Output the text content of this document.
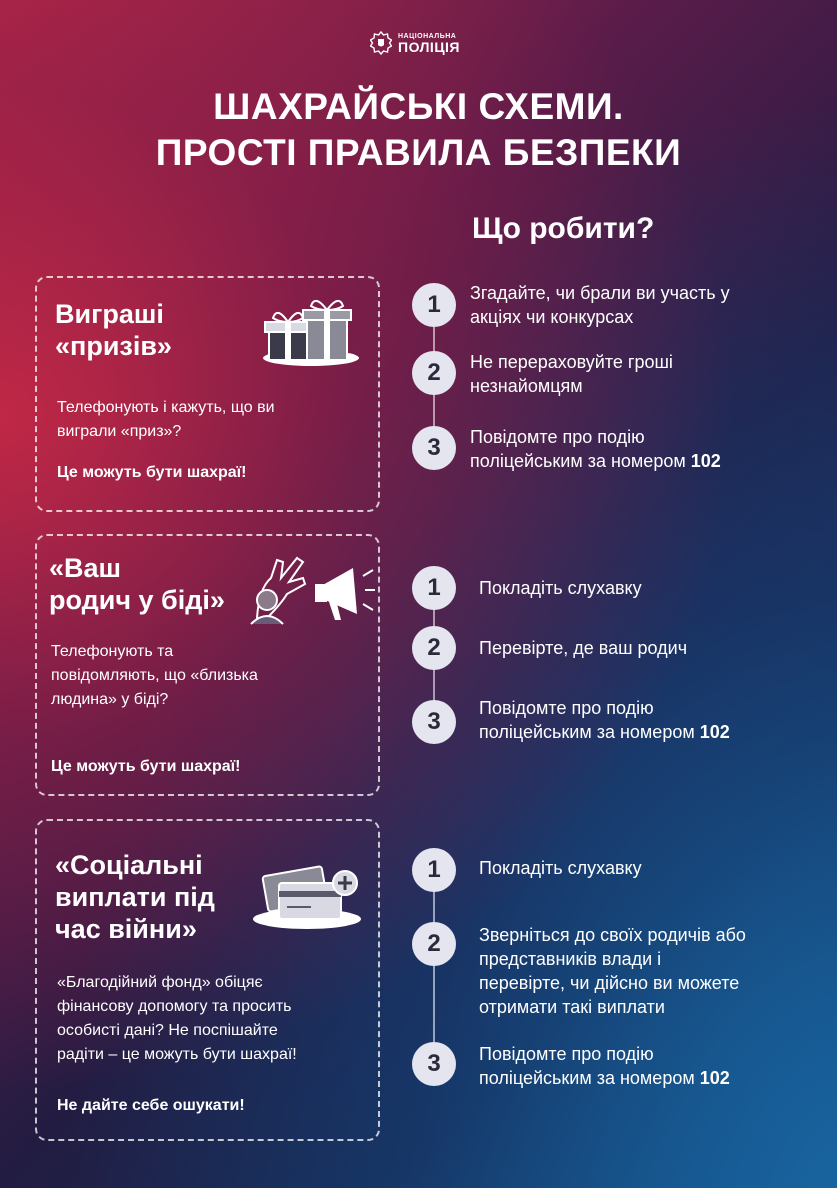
НАЦІОНАЛЬНА
ПОЛІЦІЯ
ШАХРАЙСЬКІ СХЕМИ.
ПРОСТІ ПРАВИЛА БЕЗПЕКИ
Що робити?
Виграші
«призів»
Телефонують і кажуть, що ви
виграли «приз»?
Це можуть бути шахраї!
1	Згадайте, чи брали ви участь у
акціях чи конкурсах
2	Не перераховуйте гроші
незнайомцям
3	Повідомте про подію
поліцейським за номером 102
«Ваш
родич у біді»
Телефонують та
повідомляють, що «близька
людина» у біді?
Це можуть бути шахраї!
1	Покладіть слухавку
2	Перевірте, де ваш родич
3	Повідомте про подію
поліцейським за номером 102
«Соціальні
виплати під
час війни»
«Благодійний фонд» обіцяє
фінансову допомогу та просить
особисті дані? Не поспішайте
радіти – це можуть бути шахраї!
Не дайте себе ошукати!
1	Покладіть слухавку
2	Зверніться до своїх родичів або
представників влади і
перевірте, чи дійсно ви можете
отримати такі виплати
3	Повідомте про подію
поліцейським за номером 102
